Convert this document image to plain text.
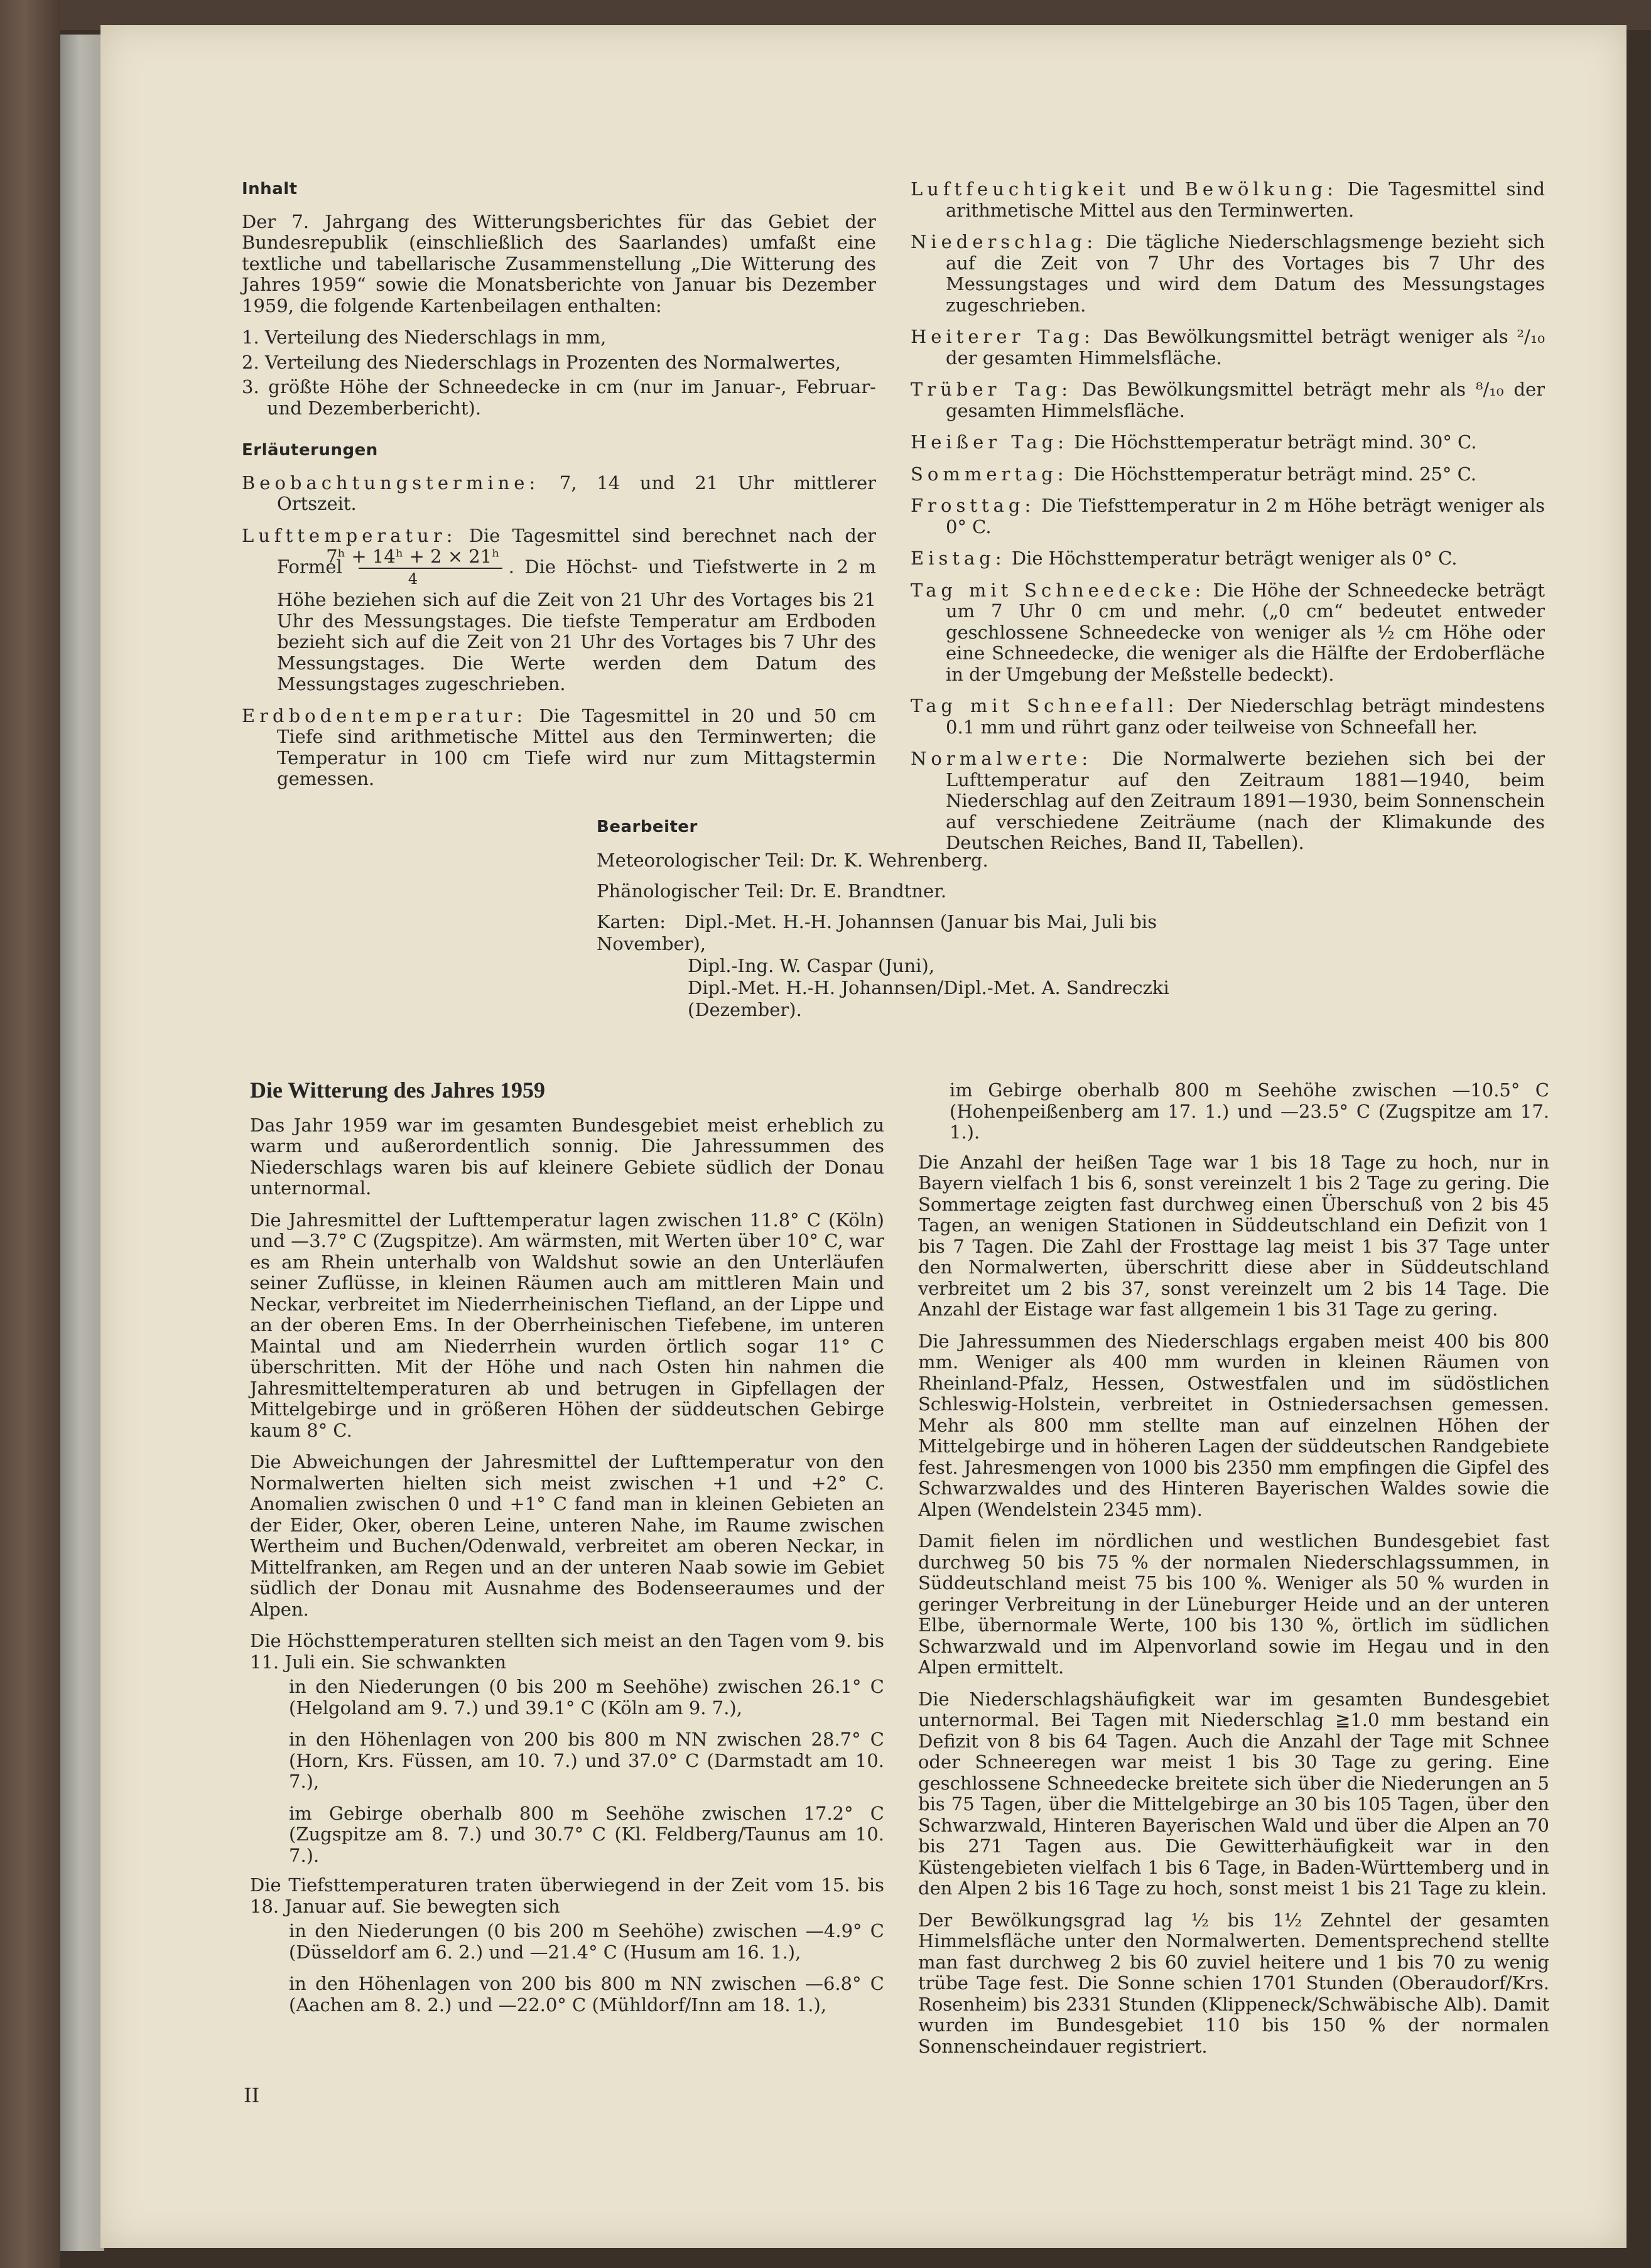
Inhalt

Der 7. Jahrgang des Witterungsberichtes für das Gebiet der Bundesrepublik (einschließlich des Saarlandes) umfaßt eine textliche und tabellarische Zusammenstellung „Die Witterung des Jahres 1959“ sowie die Monatsberichte von Januar bis Dezember 1959, die folgende Kartenbeilagen enthalten:

1. Verteilung des Niederschlags in mm,

2. Verteilung des Niederschlags in Prozenten des Normalwertes,

3. größte Höhe der Schneedecke in cm (nur im Januar-, Februar- und Dezemberbericht).

Erläuterungen

Beobachtungstermine: 7, 14 und 21 Uhr mittlerer Ortszeit.

Lufttemperatur: Die Tagesmittel sind berechnet nach der Formel $\frac{\text{7ʰ + 14ʰ + 2 × 21ʰ}}{4}$ . Die Höchst- und Tiefstwerte in 2 m Höhe beziehen sich auf die Zeit von 21 Uhr des Vortages bis 21 Uhr des Messungstages. Die tiefste Temperatur am Erdboden bezieht sich auf die Zeit von 21 Uhr des Vortages bis 7 Uhr des Messungstages. Die Werte werden dem Datum des Messungstages zugeschrieben.

Erdbodentemperatur: Die Tagesmittel in 20 und 50 cm Tiefe sind arithmetische Mittel aus den Terminwerten; die Temperatur in 100 cm Tiefe wird nur zum Mittagstermin gemessen.

Luftfeuchtigkeit und Bewölkung: Die Tagesmittel sind arithmetische Mittel aus den Terminwerten.

Niederschlag: Die tägliche Niederschlagsmenge bezieht sich auf die Zeit von 7 Uhr des Vortages bis 7 Uhr des Messungstages und wird dem Datum des Messungstages zugeschrieben.

Heiterer Tag: Das Bewölkungsmittel beträgt weniger als ²/₁₀ der gesamten Himmelsfläche.

Trüber Tag: Das Bewölkungsmittel beträgt mehr als ⁸/₁₀ der gesamten Himmelsfläche.

Heißer Tag: Die Höchsttemperatur beträgt mind. 30° C.

Sommertag: Die Höchsttemperatur beträgt mind. 25° C.

Frosttag: Die Tiefsttemperatur in 2 m Höhe beträgt weniger als 0° C.

Eistag: Die Höchsttemperatur beträgt weniger als 0° C.

Tag mit Schneedecke: Die Höhe der Schneedecke beträgt um 7 Uhr 0 cm und mehr. („0 cm“ bedeutet entweder geschlossene Schneedecke von weniger als ½ cm Höhe oder eine Schneedecke, die weniger als die Hälfte der Erdoberfläche in der Umgebung der Meßstelle bedeckt).

Tag mit Schneefall: Der Niederschlag beträgt mindestens 0.1 mm und rührt ganz oder teilweise von Schneefall her.

Normalwerte: Die Normalwerte beziehen sich bei der Lufttemperatur auf den Zeitraum 1881—1940, beim Niederschlag auf den Zeitraum 1891—1930, beim Sonnenschein auf verschiedene Zeiträume (nach der Klimakunde des Deutschen Reiches, Band II, Tabellen).

Bearbeiter

Meteorologischer Teil: Dr. K. Wehrenberg.

Phänologischer Teil: Dr. E. Brandtner.

Karten: Dipl.-Met. H.-H. Johannsen (Januar bis Mai, Juli bis November),

Dipl.-Ing. W. Caspar (Juni),

Dipl.-Met. H.-H. Johannsen/Dipl.-Met. A. Sandreczki (Dezember).

Die Witterung des Jahres 1959

Das Jahr 1959 war im gesamten Bundesgebiet meist erheblich zu warm und außerordentlich sonnig. Die Jahressummen des Niederschlags waren bis auf kleinere Gebiete südlich der Donau unternormal.

Die Jahresmittel der Lufttemperatur lagen zwischen 11.8° C (Köln) und —3.7° C (Zugspitze). Am wärmsten, mit Werten über 10° C, war es am Rhein unterhalb von Waldshut sowie an den Unterläufen seiner Zuflüsse, in kleinen Räumen auch am mittleren Main und Neckar, verbreitet im Niederrheinischen Tiefland, an der Lippe und an der oberen Ems. In der Oberrheinischen Tiefebene, im unteren Maintal und am Niederrhein wurden örtlich sogar 11° C überschritten. Mit der Höhe und nach Osten hin nahmen die Jahresmitteltemperaturen ab und betrugen in Gipfellagen der Mittelgebirge und in größeren Höhen der süddeutschen Gebirge kaum 8° C.

Die Abweichungen der Jahresmittel der Lufttemperatur von den Normalwerten hielten sich meist zwischen +1 und +2° C. Anomalien zwischen 0 und +1° C fand man in kleinen Gebieten an der Eider, Oker, oberen Leine, unteren Nahe, im Raume zwischen Wertheim und Buchen/Odenwald, verbreitet am oberen Neckar, in Mittelfranken, am Regen und an der unteren Naab sowie im Gebiet südlich der Donau mit Ausnahme des Bodenseeraumes und der Alpen.

Die Höchsttemperaturen stellten sich meist an den Tagen vom 9. bis 11. Juli ein. Sie schwankten

in den Niederungen (0 bis 200 m Seehöhe) zwischen 26.1° C (Helgoland am 9. 7.) und 39.1° C (Köln am 9. 7.),

in den Höhenlagen von 200 bis 800 m NN zwischen 28.7° C (Horn, Krs. Füssen, am 10. 7.) und 37.0° C (Darmstadt am 10. 7.),

im Gebirge oberhalb 800 m Seehöhe zwischen 17.2° C (Zugspitze am 8. 7.) und 30.7° C (Kl. Feldberg/Taunus am 10. 7.).

Die Tiefsttemperaturen traten überwiegend in der Zeit vom 15. bis 18. Januar auf. Sie bewegten sich

in den Niederungen (0 bis 200 m Seehöhe) zwischen —4.9° C (Düsseldorf am 6. 2.) und —21.4° C (Husum am 16. 1.),

in den Höhenlagen von 200 bis 800 m NN zwischen —6.8° C (Aachen am 8. 2.) und —22.0° C (Mühldorf/Inn am 18. 1.),

im Gebirge oberhalb 800 m Seehöhe zwischen —10.5° C (Hohenpeißenberg am 17. 1.) und —23.5° C (Zugspitze am 17. 1.).

Die Anzahl der heißen Tage war 1 bis 18 Tage zu hoch, nur in Bayern vielfach 1 bis 6, sonst vereinzelt 1 bis 2 Tage zu gering. Die Sommertage zeigten fast durchweg einen Überschuß von 2 bis 45 Tagen, an wenigen Stationen in Süddeutschland ein Defizit von 1 bis 7 Tagen. Die Zahl der Frosttage lag meist 1 bis 37 Tage unter den Normalwerten, überschritt diese aber in Süddeutschland verbreitet um 2 bis 37, sonst vereinzelt um 2 bis 14 Tage. Die Anzahl der Eistage war fast allgemein 1 bis 31 Tage zu gering.

Die Jahressummen des Niederschlags ergaben meist 400 bis 800 mm. Weniger als 400 mm wurden in kleinen Räumen von Rheinland-Pfalz, Hessen, Ostwestfalen und im südöstlichen Schleswig-Holstein, verbreitet in Ostniedersachsen gemessen. Mehr als 800 mm stellte man auf einzelnen Höhen der Mittelgebirge und in höheren Lagen der süddeutschen Randgebiete fest. Jahresmengen von 1000 bis 2350 mm empfingen die Gipfel des Schwarzwaldes und des Hinteren Bayerischen Waldes sowie die Alpen (Wendelstein 2345 mm).

Damit fielen im nördlichen und westlichen Bundesgebiet fast durchweg 50 bis 75 % der normalen Niederschlagssummen, in Süddeutschland meist 75 bis 100 %. Weniger als 50 % wurden in geringer Verbreitung in der Lüneburger Heide und an der unteren Elbe, übernormale Werte, 100 bis 130 %, örtlich im südlichen Schwarzwald und im Alpenvorland sowie im Hegau und in den Alpen ermittelt.

Die Niederschlagshäufigkeit war im gesamten Bundesgebiet unternormal. Bei Tagen mit Niederschlag ≧1.0 mm bestand ein Defizit von 8 bis 64 Tagen. Auch die Anzahl der Tage mit Schnee oder Schneeregen war meist 1 bis 30 Tage zu gering. Eine geschlossene Schneedecke breitete sich über die Niederungen an 5 bis 75 Tagen, über die Mittelgebirge an 30 bis 105 Tagen, über den Schwarzwald, Hinteren Bayerischen Wald und über die Alpen an 70 bis 271 Tagen aus. Die Gewitterhäufigkeit war in den Küstengebieten vielfach 1 bis 6 Tage, in Baden-Württemberg und in den Alpen 2 bis 16 Tage zu hoch, sonst meist 1 bis 21 Tage zu klein.

Der Bewölkungsgrad lag ½ bis 1½ Zehntel der gesamten Himmelsfläche unter den Normalwerten. Dementsprechend stellte man fast durchweg 2 bis 60 zuviel heitere und 1 bis 70 zu wenig trübe Tage fest. Die Sonne schien 1701 Stunden (Oberaudorf/Krs. Rosenheim) bis 2331 Stunden (Klippeneck/Schwäbische Alb). Damit wurden im Bundesgebiet 110 bis 150 % der normalen Sonnenscheindauer registriert.

II
